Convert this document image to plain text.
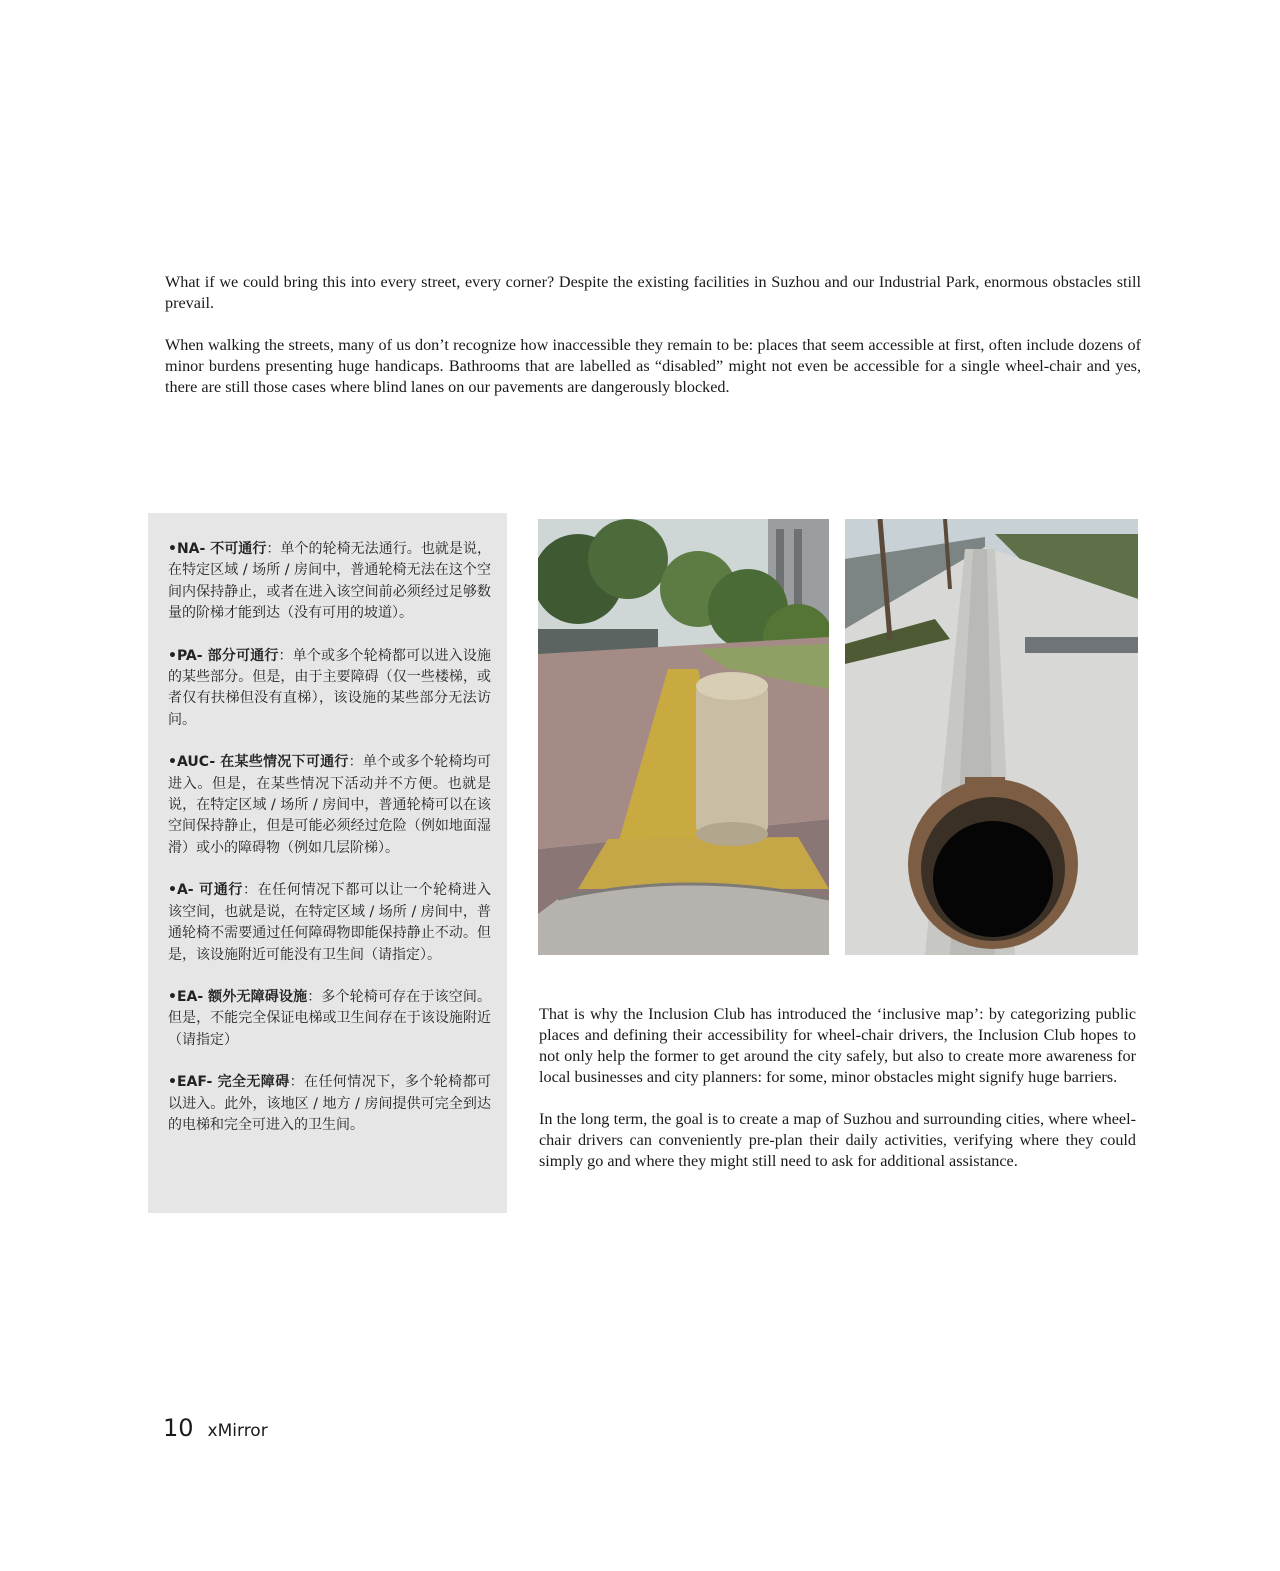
What if we could bring this into every street, every corner? Despite the existing facilities in Suzhou and our Industrial Park, enormous obstacles still prevail.

When walking the streets, many of us don’t recognize how inaccessible they remain to be: places that seem accessible at first, often include dozens of minor burdens presenting huge handicaps. Bathrooms that are labelled as “disabled” might not even be accessible for a single wheel-chair and yes, there are still those cases where blind lanes on our pavements are dangerously blocked.

•NA- 不可通行：单个的轮椅无法通行。也就是说，在特定区域 / 场所 / 房间中，普通轮椅无法在这个空间内保持静止，或者在进入该空间前必须经过足够数量的阶梯才能到达（没有可用的坡道）。
•PA- 部分可通行：单个或多个轮椅都可以进入设施的某些部分。但是，由于主要障碍（仅一些楼梯，或者仅有扶梯但没有直梯），该设施的某些部分无法访问。
•AUC- 在某些情况下可通行：单个或多个轮椅均可进入。但是，在某些情况下活动并不方便。也就是说，在特定区域 / 场所 / 房间中，普通轮椅可以在该空间保持静止，但是可能必须经过危险（例如地面湿滑）或小的障碍物（例如几层阶梯）。
•A- 可通行：在任何情况下都可以让一个轮椅进入该空间，也就是说，在特定区域 / 场所 / 房间中，普通轮椅不需要通过任何障碍物即能保持静止不动。但是，该设施附近可能没有卫生间（请指定）。
•EA- 额外无障碍设施：多个轮椅可存在于该空间。但是，不能完全保证电梯或卫生间存在于该设施附近（请指定）
•EAF- 完全无障碍：在任何情况下，多个轮椅都可以进入。此外，该地区 / 地方 / 房间提供可完全到达的电梯和完全可进入的卫生间。

That is why the Inclusion Club has introduced the ‘inclusive map’: by categorizing public places and defining their accessibility for wheel-chair drivers, the Inclusion Club hopes to not only help the former to get around the city safely, but also to create more awareness for local businesses and city planners: for some, minor obstacles might signify huge barriers.

In the long term, the goal is to create a map of Suzhou and surrounding cities, where wheel-chair drivers can conveniently pre-plan their daily activities, verifying where they could simply go and where they might still need to ask for additional assistance.

10 xMirror
